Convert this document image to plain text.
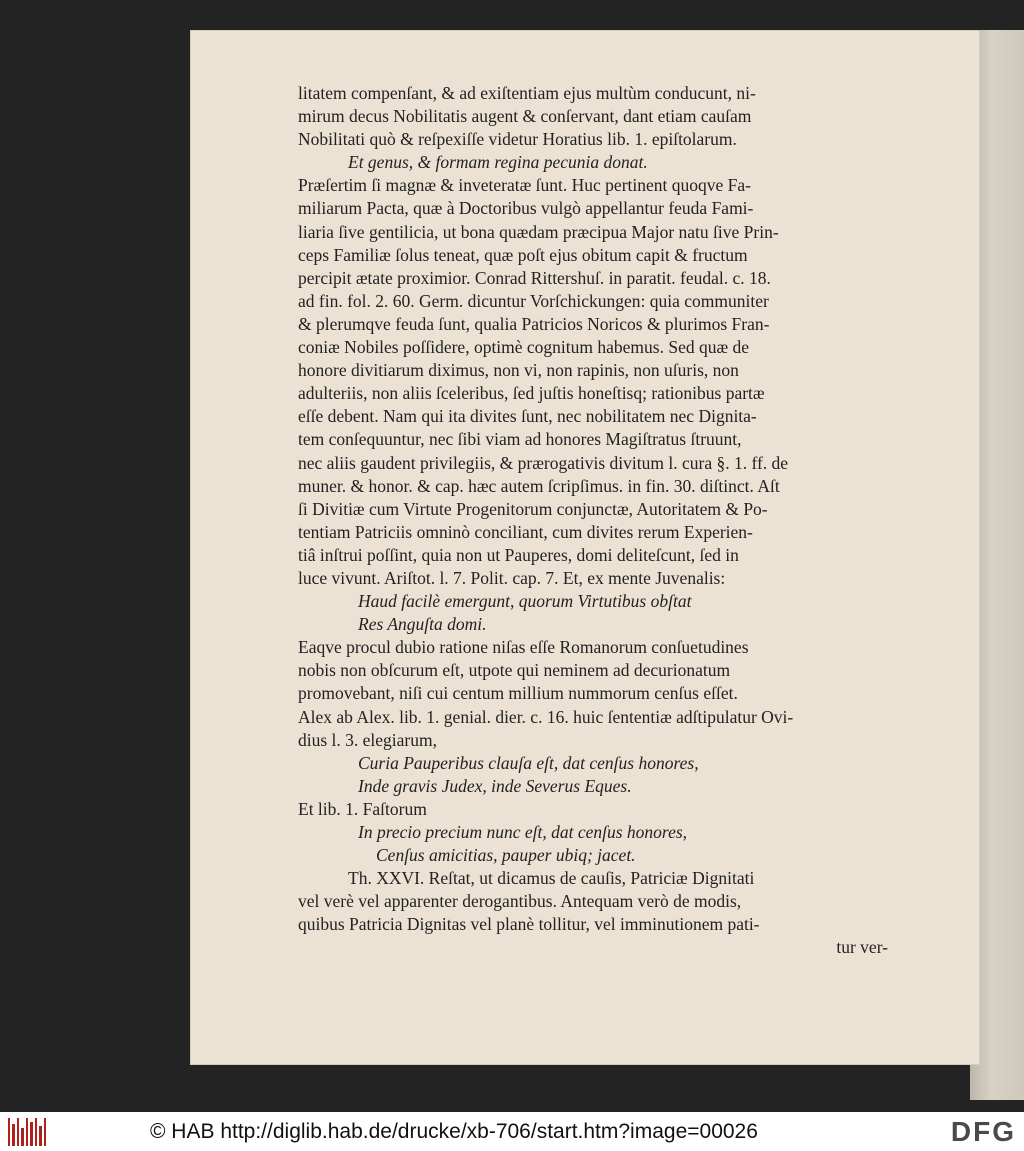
litatem compenſant, & ad exiſtentiam ejus multùm conducunt, ni-
mirum decus Nobilitatis augent & conſervant, dant etiam cauſam
Nobilitati quò & reſpexiſſe videtur Horatius lib. 1. epiſtolarum.
Et genus, & formam regina pecunia donat.
Præſertim ſi magnæ & inveteratæ ſunt. Huc pertinent quoqve Fa-
miliarum Pacta, quæ à Doctoribus vulgò appellantur feuda Fami-
liaria ſive gentilicia, ut bona quædam præcipua Major natu ſive Prin-
ceps Familiæ ſolus teneat, quæ poſt ejus obitum capit & fructum
percipit ætate proximior. Conrad Rittershuſ. in paratit. feudal. c. 18.
ad fin. fol. 2. 60. Germ. dicuntur Vorſchickungen: quia communiter
& plerumqve feuda ſunt, qualia Patricios Noricos & plurimos Fran-
coniæ Nobiles poſſidere, optimè cognitum habemus. Sed quæ de
honore divitiarum diximus, non vi, non rapinis, non uſuris, non
adulteriis, non aliis ſceleribus, ſed juſtis honeſtisq; rationibus partæ
eſſe debent. Nam qui ita divites ſunt, nec nobilitatem nec Dignita-
tem conſequuntur, nec ſibi viam ad honores Magiſtratus ſtruunt,
nec aliis gaudent privilegiis, & prærogativis divitum l. cura §. 1. ff. de
muner. & honor. & cap. hæc autem ſcripſimus. in fin. 30. diſtinct. Aſt
ſi Divitiæ cum Virtute Progenitorum conjunctæ, Autoritatem & Po-
tentiam Patriciis omninò conciliant, cum divites rerum Experien-
tiâ inſtrui poſſint, quia non ut Pauperes, domi deliteſcunt, ſed in
luce vivunt. Ariſtot. l. 7. Polit. cap. 7. Et, ex mente Juvenalis:
Haud facilè emergunt, quorum Virtutibus obſtat
Res Anguſta domi.
Eaqve procul dubio ratione niſas eſſe Romanorum conſuetudines
nobis non obſcurum eſt, utpote qui neminem ad decurionatum
promovebant, niſi cui centum millium nummorum cenſus eſſet.
Alex ab Alex. lib. 1. genial. dier. c. 16. huic ſententiæ adſtipulatur Ovi-
dius l. 3. elegiarum,
Curia Pauperibus clauſa eſt, dat cenſus honores,
Inde gravis Judex, inde Severus Eques.
Et lib. 1. Faſtorum
In precio precium nunc eſt, dat cenſus honores,
Cenſus amicitias, pauper ubiq; jacet.
Th. XXVI. Reſtat, ut dicamus de cauſis, Patriciæ Dignitati
vel verè vel apparenter derogantibus. Antequam verò de modis,
quibus Patricia Dignitas vel planè tollitur, vel imminutionem pati-
tur ver-
© HAB http://diglib.hab.de/drucke/xb-706/start.htm?image=00026	DFG
